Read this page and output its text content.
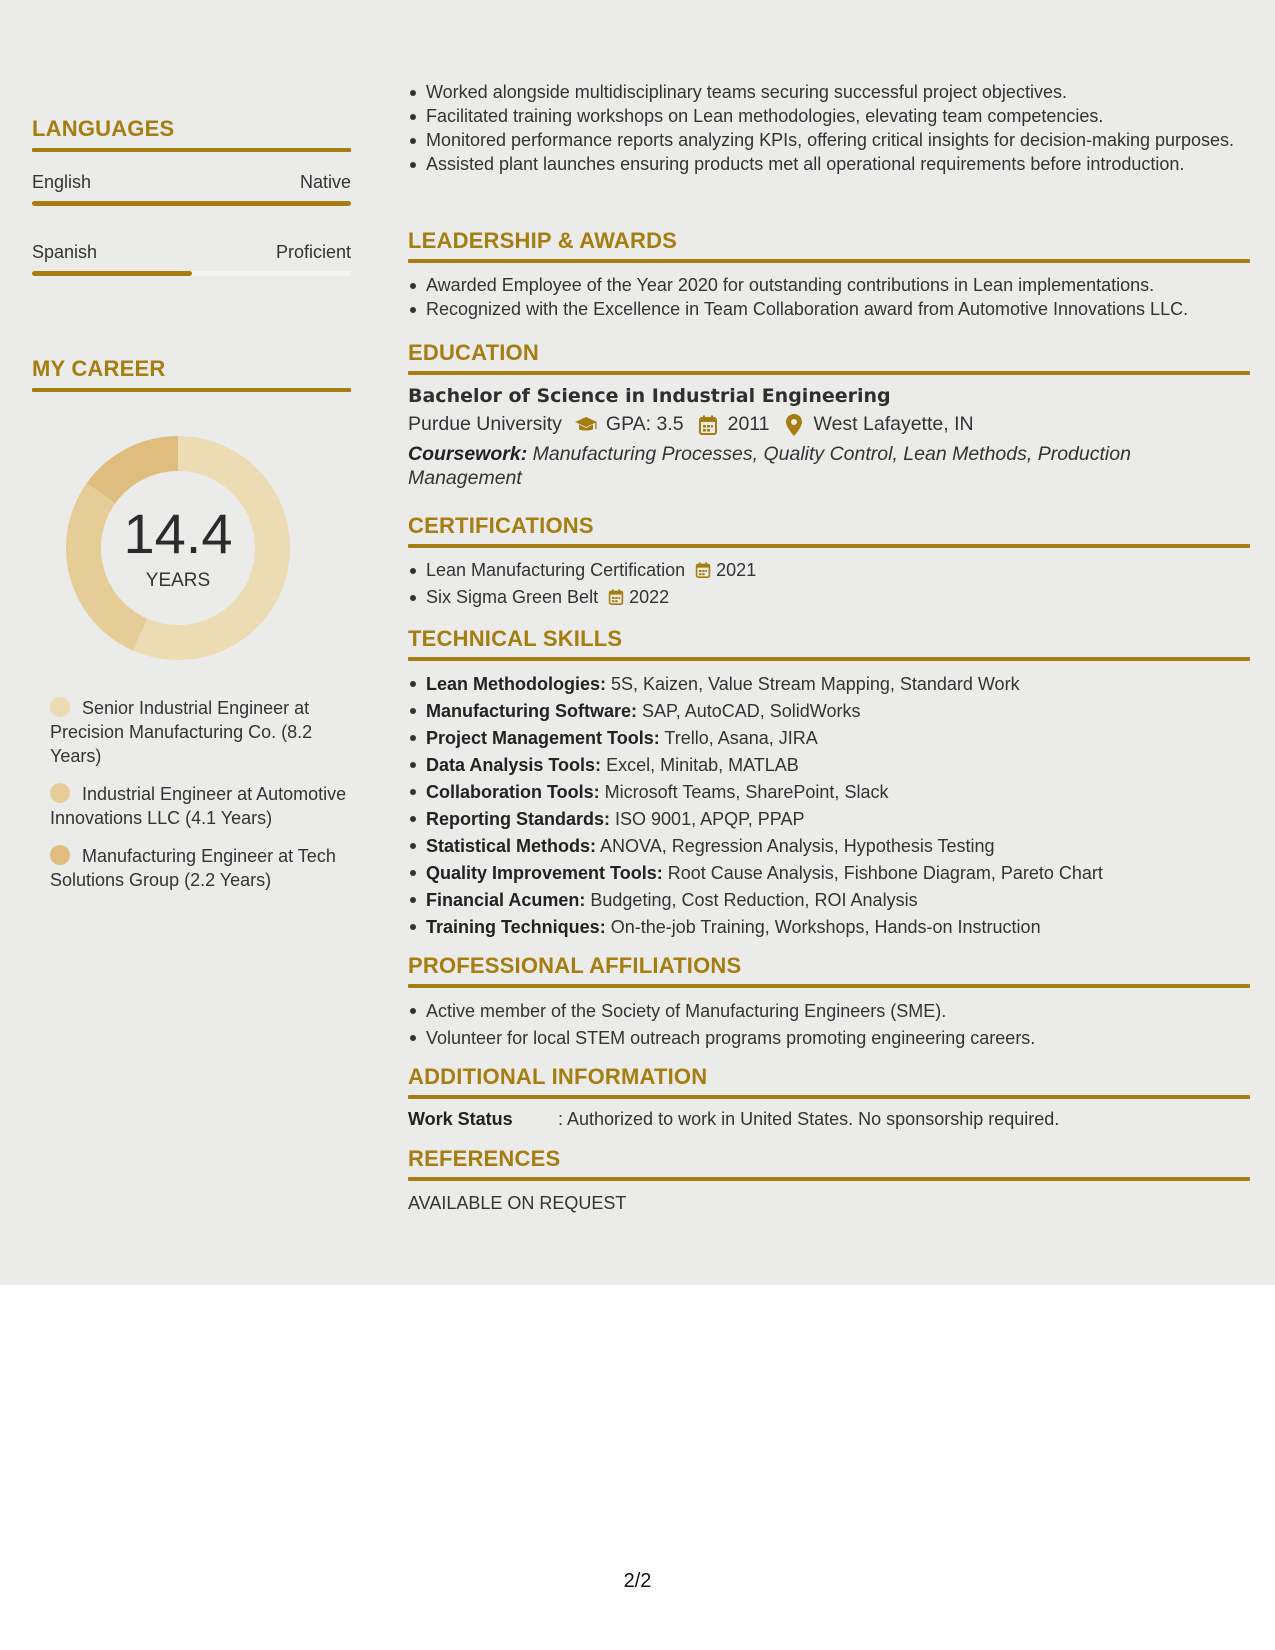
LANGUAGES
English	Native
Spanish	Proficient
MY CAREER
14.4
YEARS
Senior Industrial Engineer at Precision Manufacturing Co. (8.2 Years)
Industrial Engineer at Automotive Innovations LLC (4.1 Years)
Manufacturing Engineer at Tech Solutions Group (2.2 Years)
Worked alongside multidisciplinary teams securing successful project objectives.
Facilitated training workshops on Lean methodologies, elevating team competencies.
Monitored performance reports analyzing KPIs, offering critical insights for decision-making purposes.
Assisted plant launches ensuring products met all operational requirements before introduction.
LEADERSHIP & AWARDS
Awarded Employee of the Year 2020 for outstanding contributions in Lean implementations.
Recognized with the Excellence in Team Collaboration award from Automotive Innovations LLC.
EDUCATION
Bachelor of Science in Industrial Engineering
Purdue University GPA: 3.5 2011 West Lafayette, IN
Coursework: Manufacturing Processes, Quality Control, Lean Methods, Production Management
CERTIFICATIONS
Lean Manufacturing Certification 2021
Six Sigma Green Belt 2022
TECHNICAL SKILLS
Lean Methodologies: 5S, Kaizen, Value Stream Mapping, Standard Work
Manufacturing Software: SAP, AutoCAD, SolidWorks
Project Management Tools: Trello, Asana, JIRA
Data Analysis Tools: Excel, Minitab, MATLAB
Collaboration Tools: Microsoft Teams, SharePoint, Slack
Reporting Standards: ISO 9001, APQP, PPAP
Statistical Methods: ANOVA, Regression Analysis, Hypothesis Testing
Quality Improvement Tools: Root Cause Analysis, Fishbone Diagram, Pareto Chart
Financial Acumen: Budgeting, Cost Reduction, ROI Analysis
Training Techniques: On-the-job Training, Workshops, Hands-on Instruction
PROFESSIONAL AFFILIATIONS
Active member of the Society of Manufacturing Engineers (SME).
Volunteer for local STEM outreach programs promoting engineering careers.
ADDITIONAL INFORMATION
Work Status	: Authorized to work in United States. No sponsorship required.
REFERENCES
AVAILABLE ON REQUEST
2/2
